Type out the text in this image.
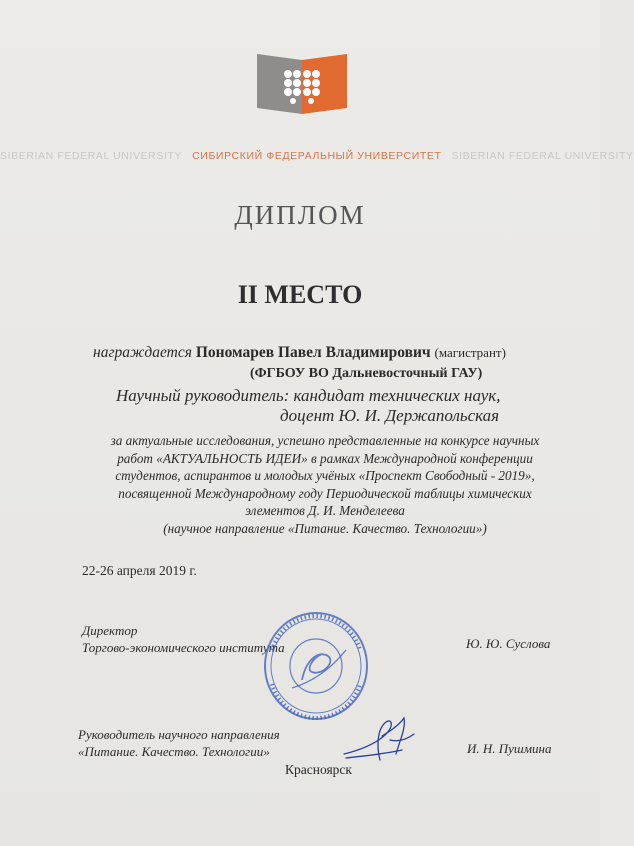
SIBERIAN FEDERAL UNIVERSITY СИБИРСКИЙ ФЕДЕРАЛЬНЫЙ УНИВЕРСИТЕТ SIBERIAN FEDERAL UNIVERSITY
ДИПЛОМ
II МЕСТО
награждается Пономарев Павел Владимирович (магистрант)
(ФГБОУ ВО Дальневосточный ГАУ)
Научный руководитель: кандидат технических наук,
доцент Ю. И. Держапольская
за актуальные исследования, успешно представленные на конкурсе научных
работ «АКТУАЛЬНОСТЬ ИДЕИ» в рамках Международной конференции
студентов, аспирантов и молодых учёных «Проспект Свободный - 2019»,
посвященной Международному году Периодической таблицы химических
элементов Д. И. Менделеева
(научное направление «Питание. Качество. Технологии»)
22-26 апреля 2019 г.
Директор
Торгово-экономического института	Ю. Ю. Суслова
Руководитель научного направления
«Питание. Качество. Технологии»	И. Н. Пушмина
Красноярск
